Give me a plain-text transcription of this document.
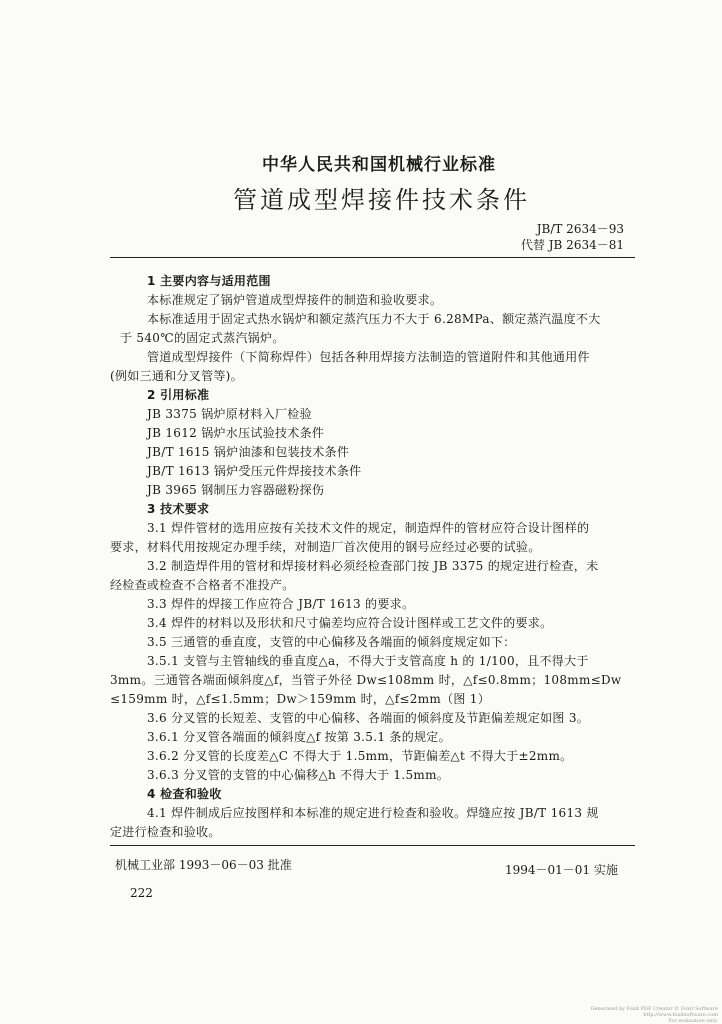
中华人民共和国机械行业标准
管道成型焊接件技术条件
JB/T 2634－93
代替 JB 2634－81
1 主要内容与适用范围
本标准规定了锅炉管道成型焊接件的制造和验收要求。
本标准适用于固定式热水锅炉和额定蒸汽压力不大于 6.28MPa、额定蒸汽温度不大
于 540℃的固定式蒸汽锅炉。
管道成型焊接件（下简称焊件）包括各种用焊接方法制造的管道附件和其他通用件
(例如三通和分叉管等)。
2 引用标准
JB 3375 锅炉原材料入厂检验
JB 1612 锅炉水压试验技术条件
JB/T 1615 锅炉油漆和包装技术条件
JB/T 1613 锅炉受压元件焊接技术条件
JB 3965 钢制压力容器磁粉探伤
3 技术要求
3.1 焊件管材的选用应按有关技术文件的规定，制造焊件的管材应符合设计图样的
要求，材料代用按规定办理手续，对制造厂首次使用的钢号应经过必要的试验。
3.2 制造焊件用的管材和焊接材料必须经检查部门按 JB 3375 的规定进行检查，未
经检查或检查不合格者不准投产。
3.3 焊件的焊接工作应符合 JB/T 1613 的要求。
3.4 焊件的材料以及形状和尺寸偏差均应符合设计图样或工艺文件的要求。
3.5 三通管的垂直度，支管的中心偏移及各端面的倾斜度规定如下：
3.5.1 支管与主管轴线的垂直度△a，不得大于支管高度 h 的 1/100，且不得大于
3mm。三通管各端面倾斜度△f，当管子外径 Dw≤108mm 时，△f≤0.8mm；108mm≤Dw
≤159mm 时，△f≤1.5mm；Dw＞159mm 时，△f≤2mm（图 1）
3.6 分叉管的长短差、支管的中心偏移、各端面的倾斜度及节距偏差规定如图 3。
3.6.1 分叉管各端面的倾斜度△f 按第 3.5.1 条的规定。
3.6.2 分叉管的长度差△C 不得大于 1.5mm，节距偏差△t 不得大于±2mm。
3.6.3 分叉管的支管的中心偏移△h 不得大于 1.5mm。
4 检查和验收
4.1 焊件制成后应按图样和本标准的规定进行检查和验收。焊缝应按 JB/T 1613 规
定进行检查和验收。
机械工业部 1993－06－03 批准	1994－01－01 实施
222
Generated by Foxit PDF Creator © Foxit Software
http://www.foxitsoftware.com
For evaluation only.
